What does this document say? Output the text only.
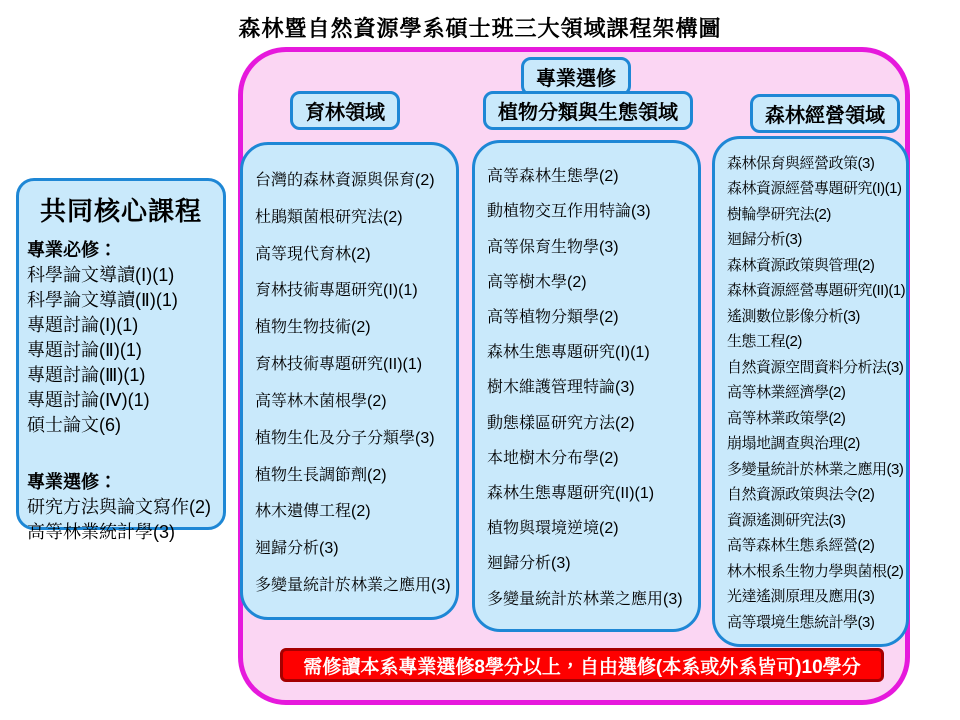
森林暨自然資源學系碩士班三大領域課程架構圖
共同核心課程
專業必修：
科學論文導讀(Ⅰ)(1)
科學論文導讀(Ⅱ)(1)
專題討論(Ⅰ)(1)
專題討論(Ⅱ)(1)
專題討論(Ⅲ)(1)
專題討論(Ⅳ)(1)
碩士論文(6)
專業選修：
研究方法與論文寫作(2)
高等林業統計學(3)
專業選修
育林領域	植物分類與生態領域	森林經營領域
台灣的森林資源與保育(2)
杜鵑類菌根研究法(2)
高等現代育林(2)
育林技術專題研究(I)(1)
植物生物技術(2)
育林技術專題研究(II)(1)
高等林木菌根學(2)
植物生化及分子分類學(3)
植物生長調節劑(2)
林木遺傳工程(2)
迴歸分析(3)
多變量統計於林業之應用(3)
高等森林生態學(2)
動植物交互作用特論(3)
高等保育生物學(3)
高等樹木學(2)
高等植物分類學(2)
森林生態專題研究(I)(1)
樹木維護管理特論(3)
動態樣區研究方法(2)
本地樹木分布學(2)
森林生態專題研究(II)(1)
植物與環境逆境(2)
迴歸分析(3)
多變量統計於林業之應用(3)
森林保育與經營政策(3)
森林資源經營專題研究(I)(1)
樹輪學研究法(2)
迴歸分析(3)
森林資源政策與管理(2)
森林資源經營專題研究(II)(1)
遙測數位影像分析(3)
生態工程(2)
自然資源空間資料分析法(3)
高等林業經濟學(2)
高等林業政策學(2)
崩塌地調查與治理(2)
多變量統計於林業之應用(3)
自然資源政策與法令(2)
資源遙測研究法(3)
高等森林生態系經營(2)
林木根系生物力學與菌根(2)
光達遙測原理及應用(3)
高等環境生態統計學(3)
需修讀本系專業選修8學分以上，自由選修(本系或外系皆可)10學分
